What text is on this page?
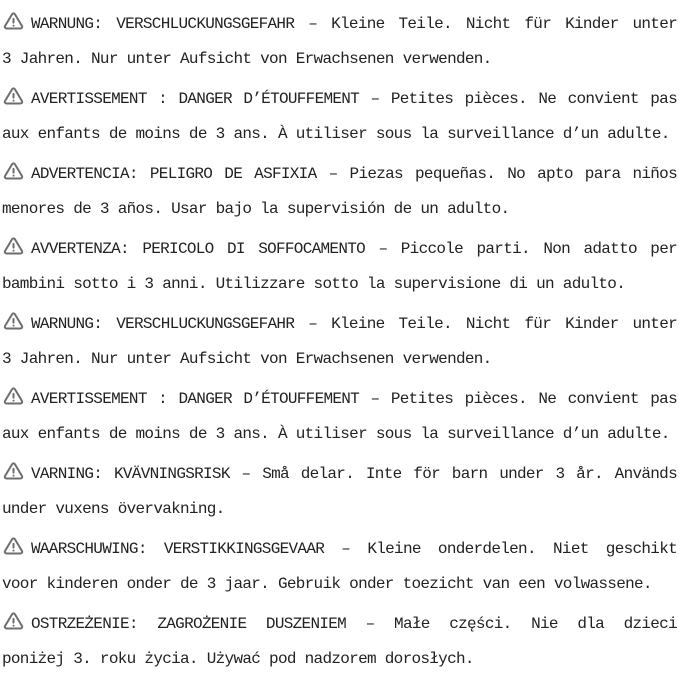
WARNUNG: VERSCHLUCKUNGSGEFAHR – Kleine Teile. Nicht für Kinder unter
3 Jahren. Nur unter Aufsicht von Erwachsenen verwenden.

AVERTISSEMENT : DANGER D’ÉTOUFFEMENT – Petites pièces. Ne convient pas
aux enfants de moins de 3 ans. À utiliser sous la surveillance d’un adulte.

ADVERTENCIA: PELIGRO DE ASFIXIA – Piezas pequeñas. No apto para niños
menores de 3 años. Usar bajo la supervisión de un adulto.

AVVERTENZA: PERICOLO DI SOFFOCAMENTO – Piccole parti. Non adatto per
bambini sotto i 3 anni. Utilizzare sotto la supervisione di un adulto.

WARNUNG: VERSCHLUCKUNGSGEFAHR – Kleine Teile. Nicht für Kinder unter
3 Jahren. Nur unter Aufsicht von Erwachsenen verwenden.

AVERTISSEMENT : DANGER D’ÉTOUFFEMENT – Petites pièces. Ne convient pas
aux enfants de moins de 3 ans. À utiliser sous la surveillance d’un adulte.

VARNING: KVÄVNINGSRISK – Små delar. Inte för barn under 3 år. Används
under vuxens övervakning.

WAARSCHUWING: VERSTIKKINGSGEVAAR – Kleine onderdelen. Niet geschikt
voor kinderen onder de 3 jaar. Gebruik onder toezicht van een volwassene.

OSTRZEŻENIE: ZAGROŻENIE DUSZENIEM – Małe części. Nie dla dzieci
poniżej 3. roku życia. Używać pod nadzorem dorosłych.
